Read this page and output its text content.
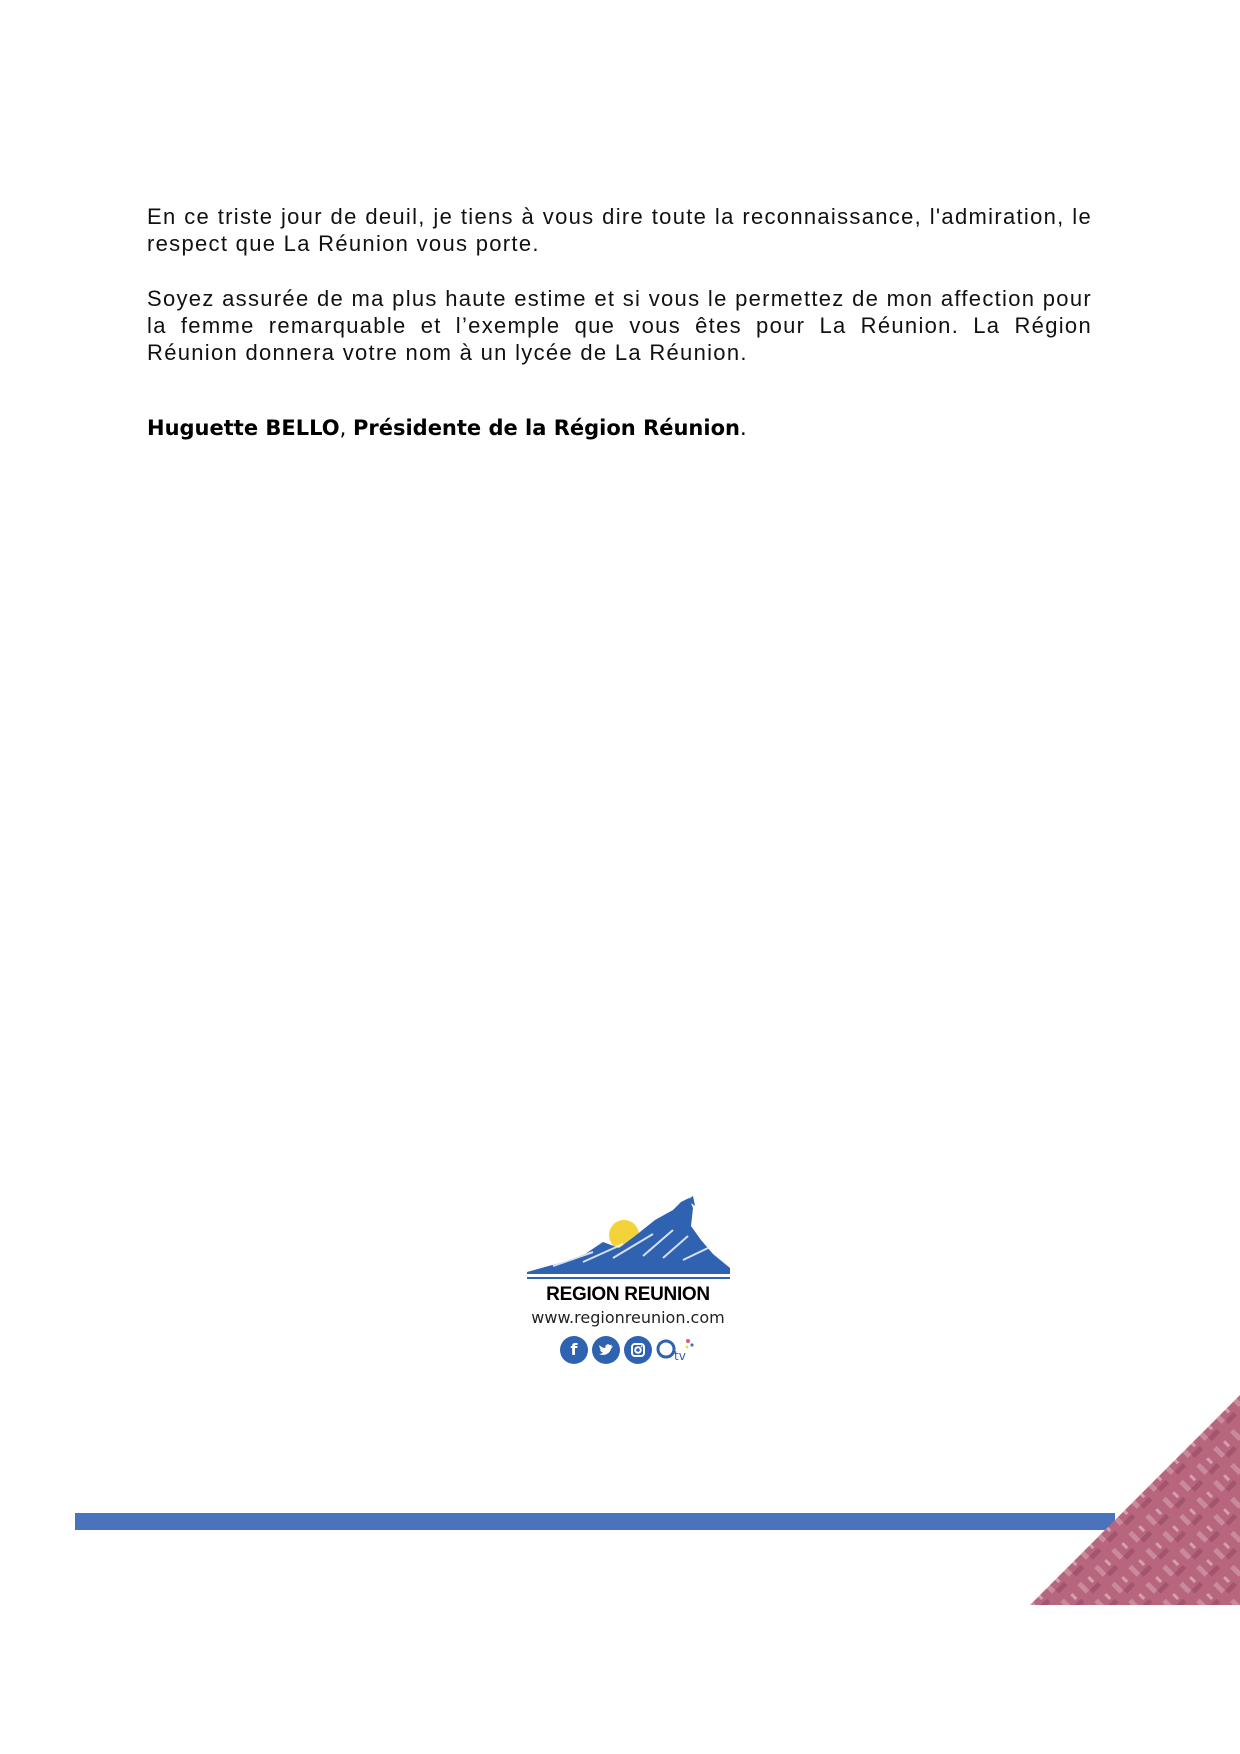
En ce triste jour de deuil, je tiens à vous dire toute la reconnaissance, l'admiration, le respect que La Réunion vous porte.

Soyez assurée de ma plus haute estime et si vous le permettez de mon affection pour la femme remarquable et l’exemple que vous êtes pour La Réunion. La Région Réunion donnera votre nom à un lycée de La Réunion.

Huguette BELLO, Présidente de la Région Réunion.
REGION REUNION
www.regionreunion.com
f	tv
